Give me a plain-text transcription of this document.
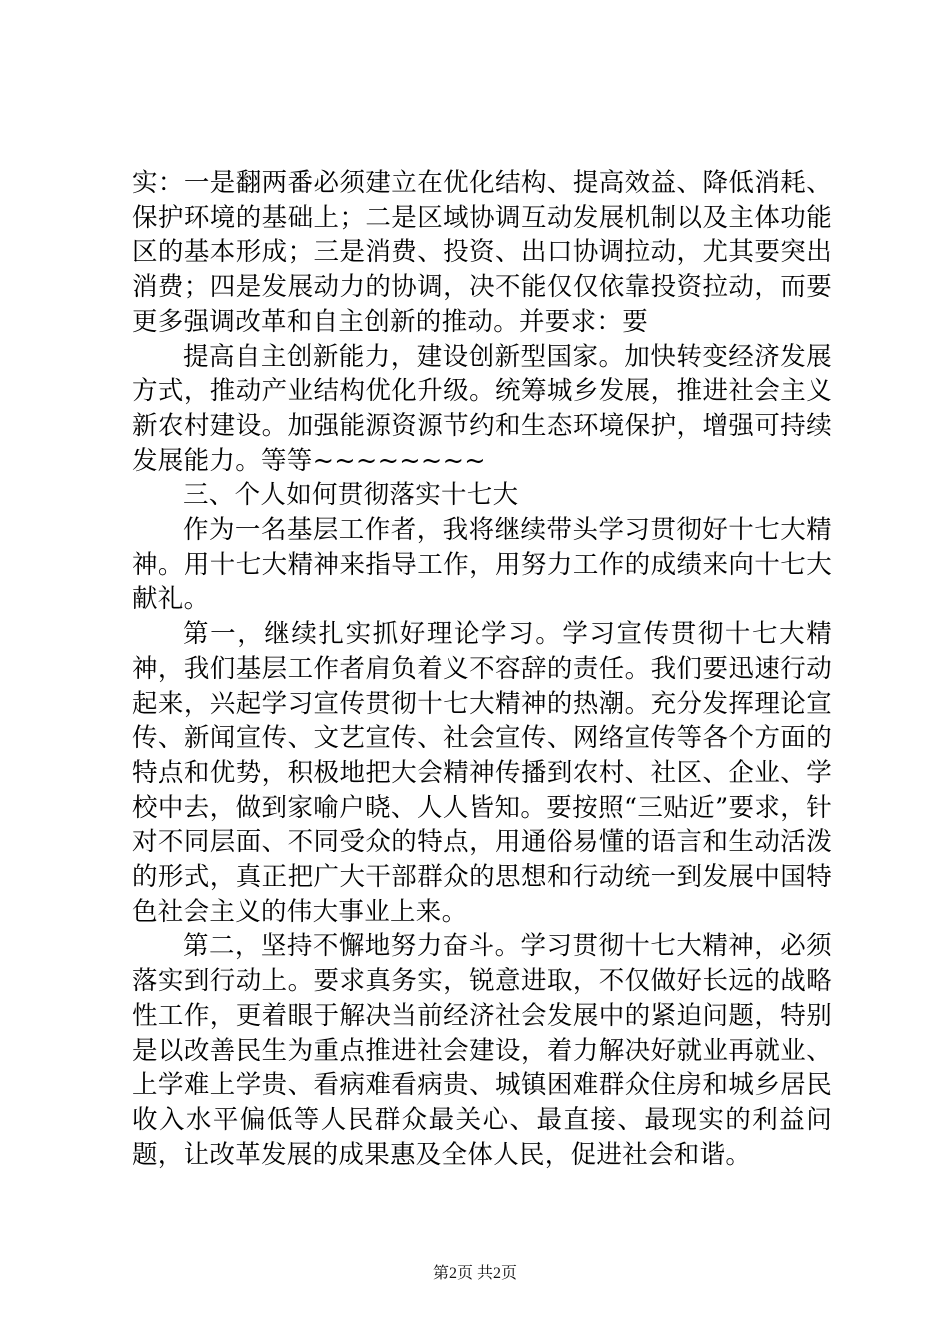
实：一是翻两番必须建立在优化结构、提高效益、降低消耗、保护环境的基础上；二是区域协调互动发展机制以及主体功能区的基本形成；三是消费、投资、出口协调拉动，尤其要突出消费；四是发展动力的协调，决不能仅仅依靠投资拉动，而要更多强调改革和自主创新的推动。并要求：要

提高自主创新能力，建设创新型国家。加快转变经济发展方式，推动产业结构优化升级。统筹城乡发展，推进社会主义新农村建设。加强能源资源节约和生态环境保护，增强可持续发展能力。等等~~~~~~~~

三、个人如何贯彻落实十七大

作为一名基层工作者，我将继续带头学习贯彻好十七大精神。用十七大精神来指导工作，用努力工作的成绩来向十七大献礼。

第一，继续扎实抓好理论学习。学习宣传贯彻十七大精神，我们基层工作者肩负着义不容辞的责任。我们要迅速行动起来，兴起学习宣传贯彻十七大精神的热潮。充分发挥理论宣传、新闻宣传、文艺宣传、社会宣传、网络宣传等各个方面的特点和优势，积极地把大会精神传播到农村、社区、企业、学校中去，做到家喻户晓、人人皆知。要按照“三贴近”要求，针对不同层面、不同受众的特点，用通俗易懂的语言和生动活泼的形式，真正把广大干部群众的思想和行动统一到发展中国特色社会主义的伟大事业上来。

第二，坚持不懈地努力奋斗。学习贯彻十七大精神，必须落实到行动上。要求真务实，锐意进取，不仅做好长远的战略性工作，更着眼于解决当前经济社会发展中的紧迫问题，特别是以改善民生为重点推进社会建设，着力解决好就业再就业、上学难上学贵、看病难看病贵、城镇困难群众住房和城乡居民收入水平偏低等人民群众最关心、最直接、最现实的利益问题，让改革发展的成果惠及全体人民，促进社会和谐。

第2页 共2页
